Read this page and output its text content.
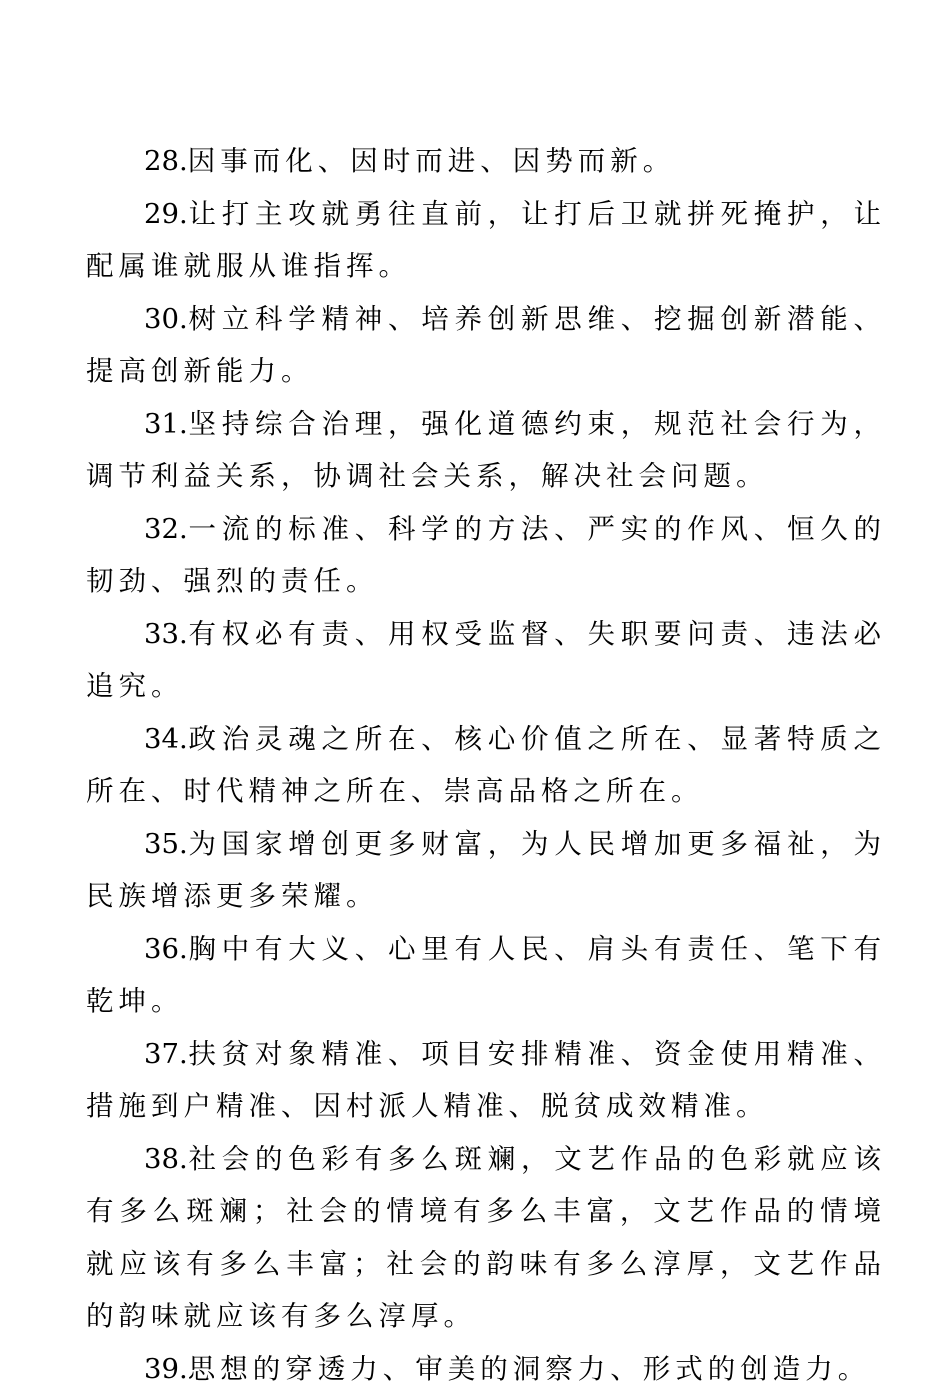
28.因事而化、因时而进、因势而新。

29.让打主攻就勇往直前，让打后卫就拼死掩护，让配属谁就服从谁指挥。

30.树立科学精神、培养创新思维、挖掘创新潜能、提高创新能力。

31.坚持综合治理，强化道德约束，规范社会行为，调节利益关系，协调社会关系，解决社会问题。

32.一流的标准、科学的方法、严实的作风、恒久的韧劲、强烈的责任。

33.有权必有责、用权受监督、失职要问责、违法必追究。

34.政治灵魂之所在、核心价值之所在、显著特质之所在、时代精神之所在、崇高品格之所在。

35.为国家增创更多财富，为人民增加更多福祉，为民族增添更多荣耀。

36.胸中有大义、心里有人民、肩头有责任、笔下有乾坤。

37.扶贫对象精准、项目安排精准、资金使用精准、措施到户精准、因村派人精准、脱贫成效精准。

38.社会的色彩有多么斑斓，文艺作品的色彩就应该有多么斑斓；社会的情境有多么丰富，文艺作品的情境就应该有多么丰富；社会的韵味有多么淳厚，文艺作品的韵味就应该有多么淳厚。

39.思想的穿透力、审美的洞察力、形式的创造力。
